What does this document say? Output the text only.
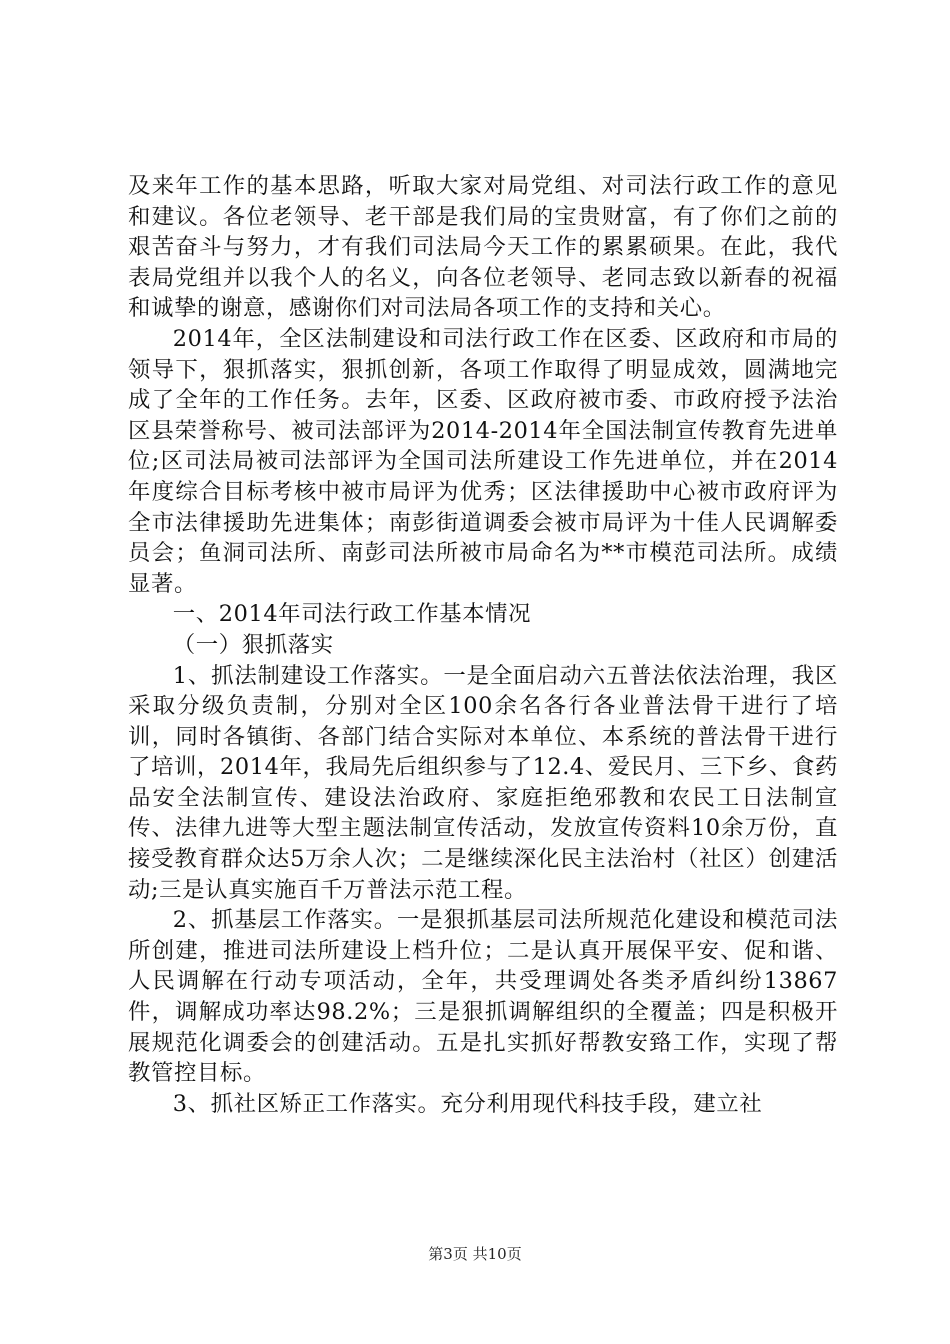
及来年工作的基本思路，听取大家对局党组、对司法行政工作的意见和建议。各位老领导、老干部是我们局的宝贵财富，有了你们之前的艰苦奋斗与努力，才有我们司法局今天工作的累累硕果。在此，我代表局党组并以我个人的名义，向各位老领导、老同志致以新春的祝福和诚挚的谢意，感谢你们对司法局各项工作的支持和关心。

2014年，全区法制建设和司法行政工作在区委、区政府和市局的领导下，狠抓落实，狠抓创新，各项工作取得了明显成效，圆满地完成了全年的工作任务。去年，区委、区政府被市委、市政府授予法治区县荣誉称号、被司法部评为2014-2014年全国法制宣传教育先进单位;区司法局被司法部评为全国司法所建设工作先进单位，并在2014年度综合目标考核中被市局评为优秀；区法律援助中心被市政府评为全市法律援助先进集体；南彭街道调委会被市局评为十佳人民调解委员会；鱼洞司法所、南彭司法所被市局命名为**市模范司法所。成绩显著。

一、2014年司法行政工作基本情况

（一）狠抓落实

1、抓法制建设工作落实。一是全面启动六五普法依法治理，我区采取分级负责制，分别对全区100余名各行各业普法骨干进行了培训，同时各镇街、各部门结合实际对本单位、本系统的普法骨干进行了培训，2014年，我局先后组织参与了12.4、爱民月、三下乡、食药品安全法制宣传、建设法治政府、家庭拒绝邪教和农民工日法制宣传、法律九进等大型主题法制宣传活动，发放宣传资料10余万份，直接受教育群众达5万余人次；二是继续深化民主法治村（社区）创建活动;三是认真实施百千万普法示范工程。

2、抓基层工作落实。一是狠抓基层司法所规范化建设和模范司法所创建，推进司法所建设上档升位；二是认真开展保平安、促和谐、人民调解在行动专项活动，全年，共受理调处各类矛盾纠纷13867件，调解成功率达98.2%；三是狠抓调解组织的全覆盖；四是积极开展规范化调委会的创建活动。五是扎实抓好帮教安臵工作，实现了帮教管控目标。

3、抓社区矫正工作落实。充分利用现代科技手段，建立社

第3页 共10页
